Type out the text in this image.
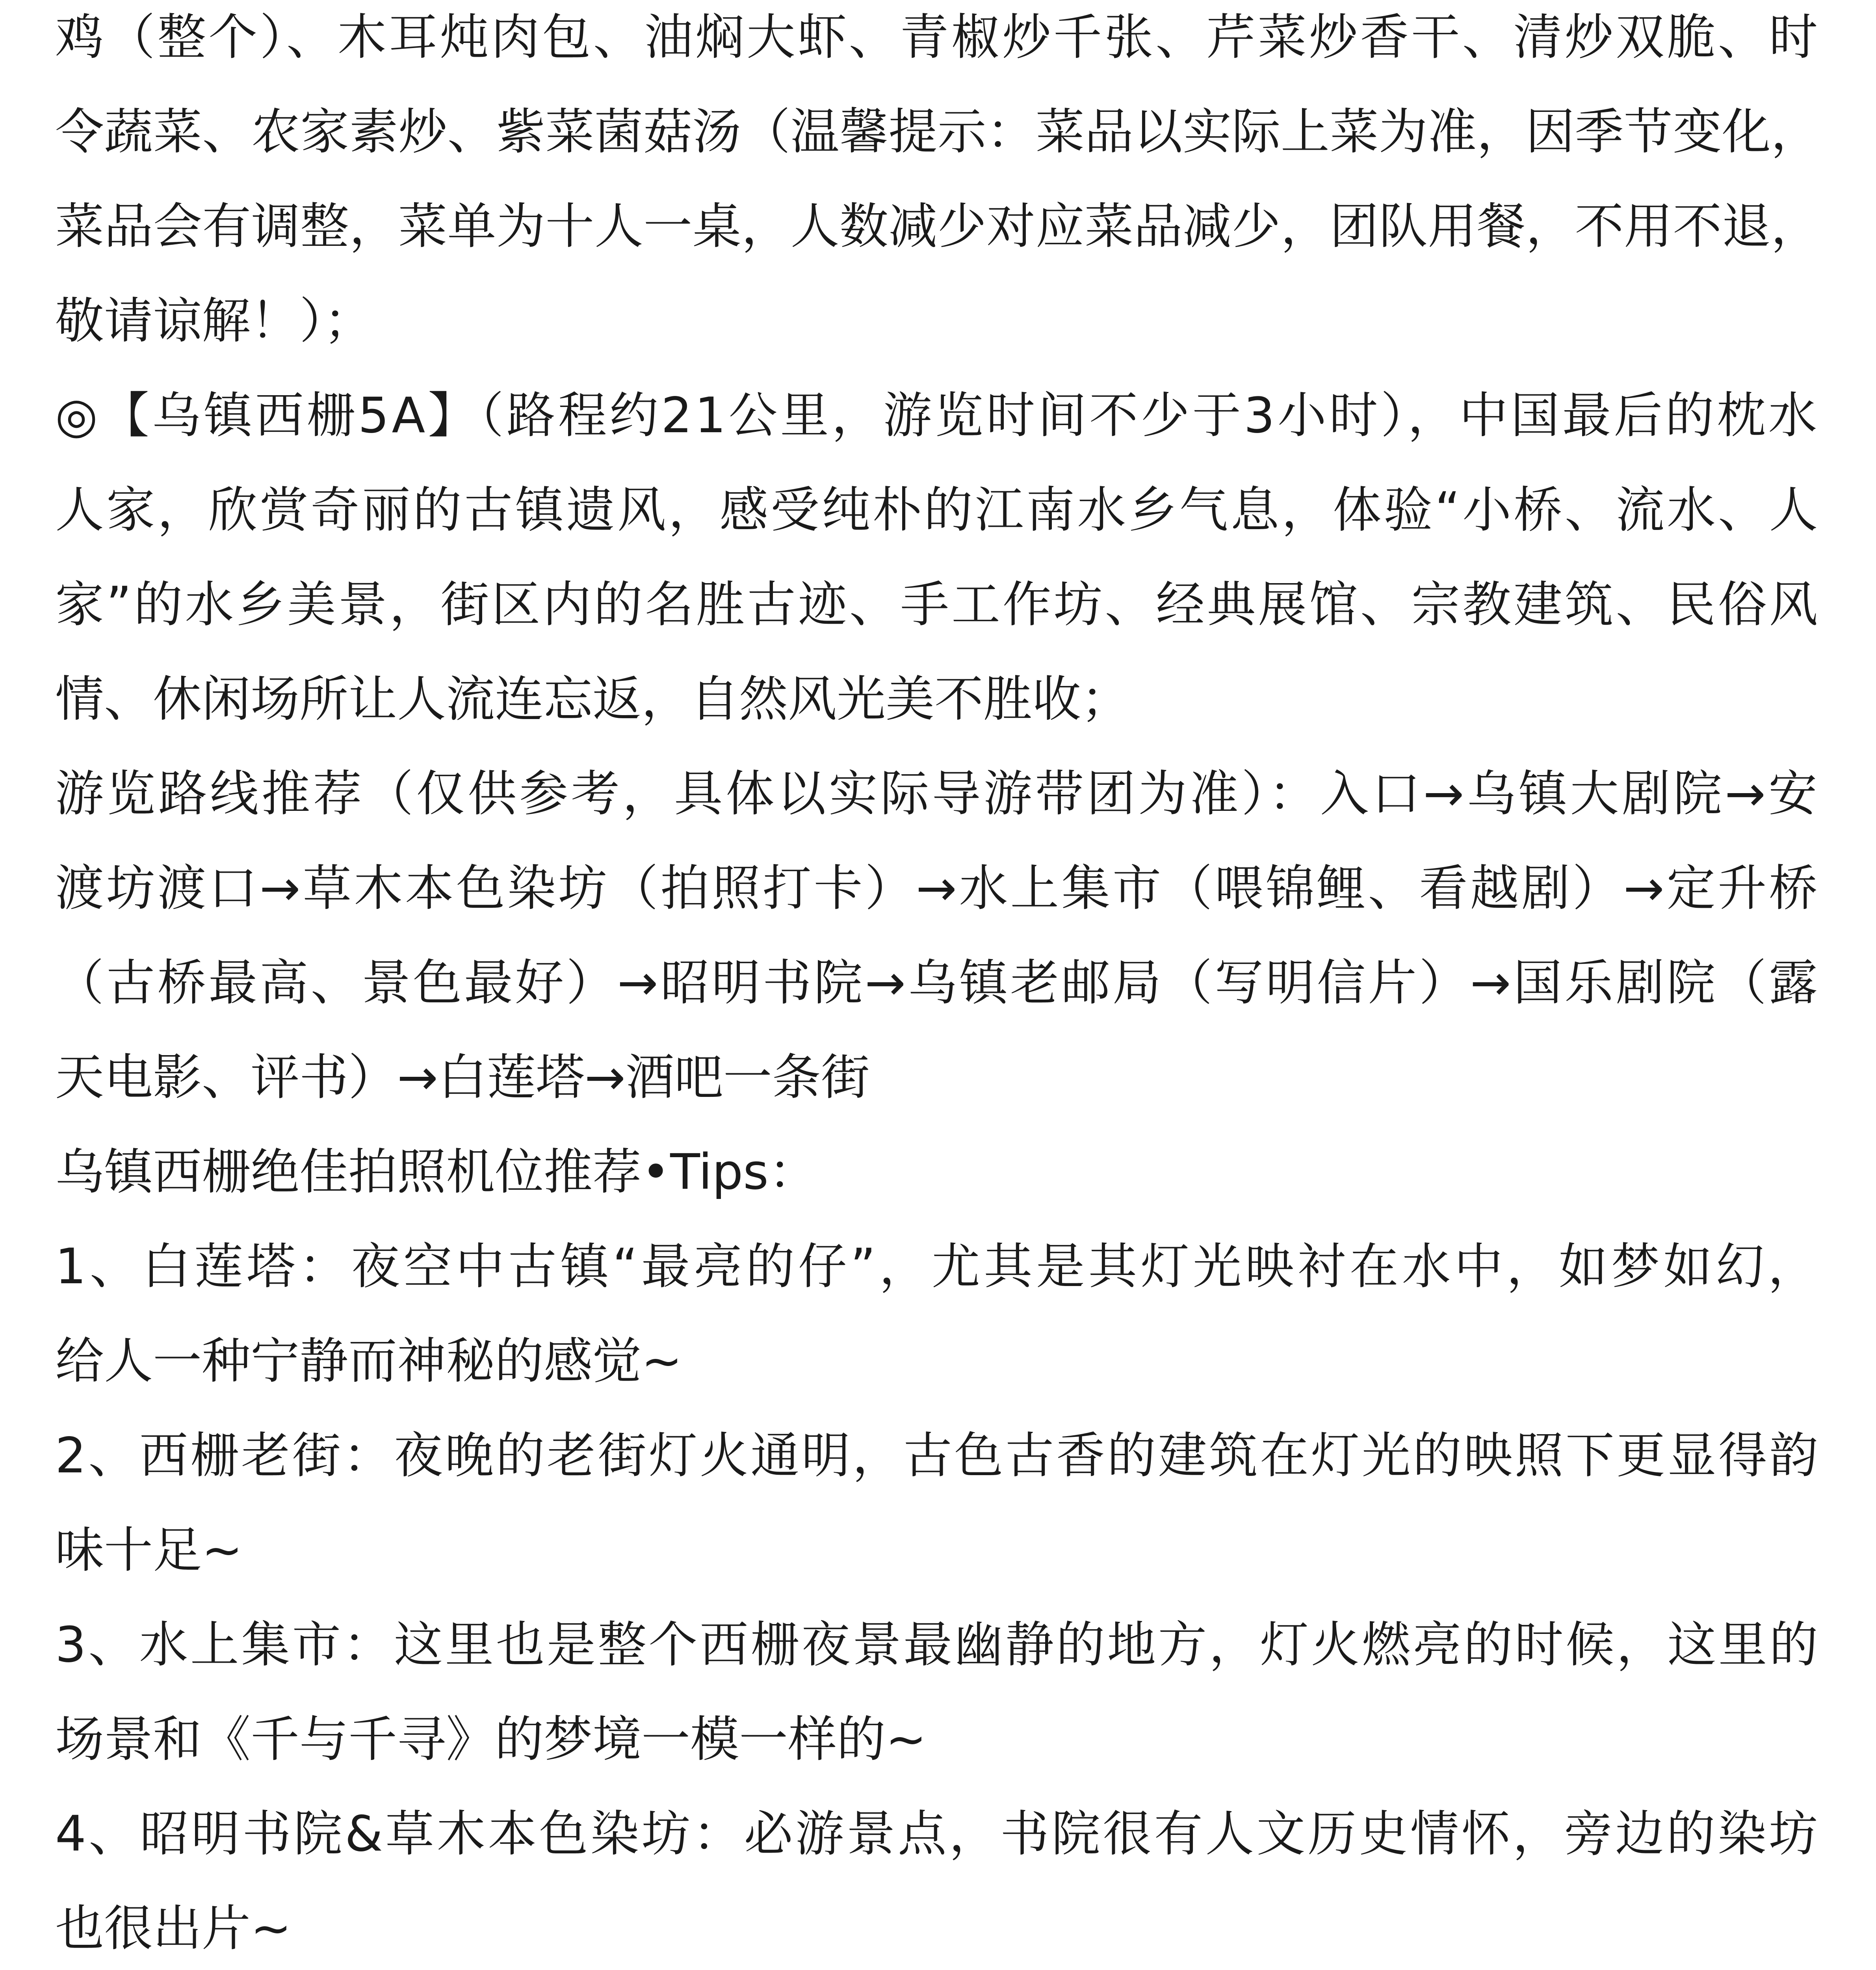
鸡（整个）、木耳炖肉包、油焖大虾、青椒炒千张、芹菜炒香干、清炒双脆、时
令蔬菜、农家素炒、紫菜菌菇汤（温馨提示：菜品以实际上菜为准，因季节变化，
菜品会有调整，菜单为十人一桌，人数减少对应菜品减少，团队用餐，不用不退，
敬请谅解！）；
◎【乌镇西栅5A】（路程约21公里，游览时间不少于3小时），中国最后的枕水
人家，欣赏奇丽的古镇遗风，感受纯朴的江南水乡气息，体验“小桥、流水、人
家”的水乡美景，街区内的名胜古迹、手工作坊、经典展馆、宗教建筑、民俗风
情、休闲场所让人流连忘返，自然风光美不胜收；
游览路线推荐（仅供参考，具体以实际导游带团为准）：入口→乌镇大剧院→安
渡坊渡口→草木本色染坊（拍照打卡）→水上集市（喂锦鲤、看越剧）→定升桥
（古桥最高、景色最好）→昭明书院→乌镇老邮局（写明信片）→国乐剧院（露
天电影、评书）→白莲塔→酒吧一条街
乌镇西栅绝佳拍照机位推荐•Tips：
1、白莲塔：夜空中古镇“最亮的仔”，尤其是其灯光映衬在水中，如梦如幻，
给人一种宁静而神秘的感觉~
2、西栅老街：夜晚的老街灯火通明，古色古香的建筑在灯光的映照下更显得韵
味十足~
3、水上集市：这里也是整个西栅夜景最幽静的地方，灯火燃亮的时候，这里的
场景和《千与千寻》的梦境一模一样的~
4、昭明书院&草木本色染坊：必游景点，书院很有人文历史情怀，旁边的染坊
也很出片~
